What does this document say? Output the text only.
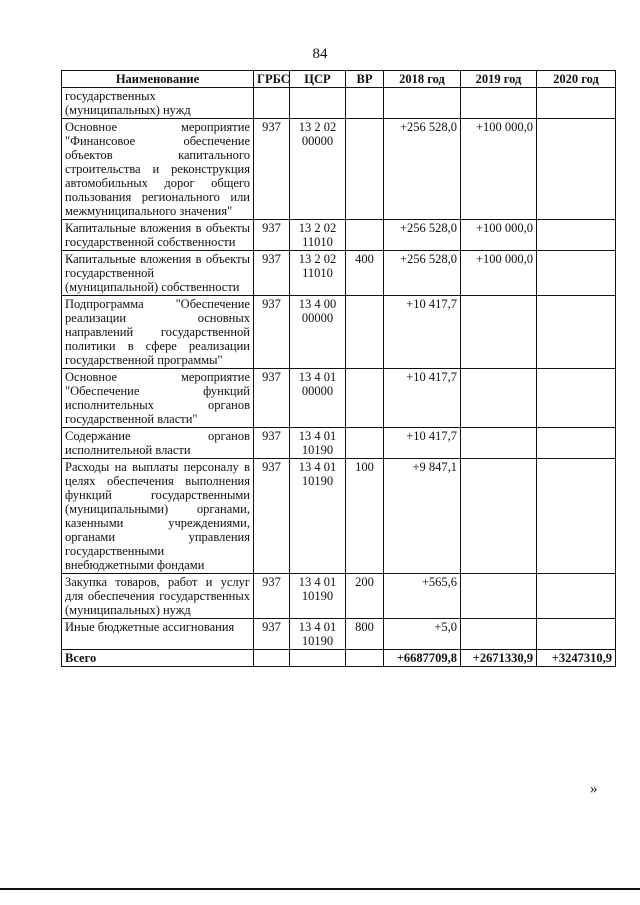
84
Наименование	ГРБС	ЦСР	ВР	2018 год	2019 год	2020 год
государственных (муниципальных) нужд						
Основное мероприятие "Финансовое обеспечение объектов капитального строительства и реконструкция автомобильных дорог общего пользования регионального или межмуниципального значения"	937	13 2 02 00000		+256 528,0	+100 000,0	
Капитальные вложения в объекты государственной собственности	937	13 2 02 11010		+256 528,0	+100 000,0	
Капитальные вложения в объекты государственной (муниципальной) собственности	937	13 2 02 11010	400	+256 528,0	+100 000,0	
Подпрограмма "Обеспечение реализации основных направлений государственной политики в сфере реализации государственной программы"	937	13 4 00 00000		+10 417,7		
Основное мероприятие "Обеспечение функций исполнительных органов государственной власти"	937	13 4 01 00000		+10 417,7		
Содержание органов исполнительной власти	937	13 4 01 10190		+10 417,7		
Расходы на выплаты персоналу в целях обеспечения выполнения функций государственными (муниципальными) органами, казенными учреждениями, органами управления государственными внебюджетными фондами	937	13 4 01 10190	100	+9 847,1		
Закупка товаров, работ и услуг для обеспечения государственных (муниципальных) нужд	937	13 4 01 10190	200	+565,6		
Иные бюджетные ассигнования	937	13 4 01 10190	800	+5,0		
Всего				+6687709,8	+2671330,9	+3247310,9
»
